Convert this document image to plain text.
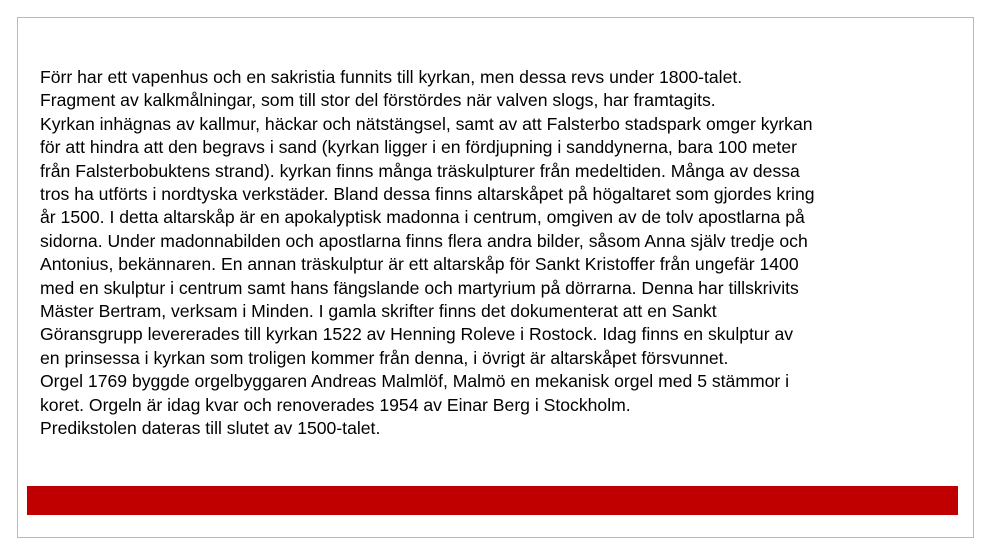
Förr har ett vapenhus och en sakristia funnits till kyrkan, men dessa revs under 1800-talet.
Fragment av kalkmålningar, som till stor del förstördes när valven slogs, har framtagits.
Kyrkan inhägnas av kallmur, häckar och nätstängsel, samt av att Falsterbo stadspark omger kyrkan
för att hindra att den begravs i sand (kyrkan ligger i en fördjupning i sanddynerna, bara 100 meter
från Falsterbobuktens strand). kyrkan finns många träskulpturer från medeltiden. Många av dessa
tros ha utförts i nordtyska verkstäder. Bland dessa finns altarskåpet på högaltaret som gjordes kring
år 1500. I detta altarskåp är en apokalyptisk madonna i centrum, omgiven av de tolv apostlarna på
sidorna. Under madonnabilden och apostlarna finns flera andra bilder, såsom Anna själv tredje och
Antonius, bekännaren. En annan träskulptur är ett altarskåp för Sankt Kristoffer från ungefär 1400
med en skulptur i centrum samt hans fängslande och martyrium på dörrarna. Denna har tillskrivits
Mäster Bertram, verksam i Minden. I gamla skrifter finns det dokumenterat att en Sankt
Göransgrupp levererades till kyrkan 1522 av Henning Roleve i Rostock. Idag finns en skulptur av
en prinsessa i kyrkan som troligen kommer från denna, i övrigt är altarskåpet försvunnet.
Orgel 1769 byggde orgelbyggaren Andreas Malmlöf, Malmö en mekanisk orgel med 5 stämmor i
koret. Orgeln är idag kvar och renoverades 1954 av Einar Berg i Stockholm.
Predikstolen dateras till slutet av 1500-talet.
